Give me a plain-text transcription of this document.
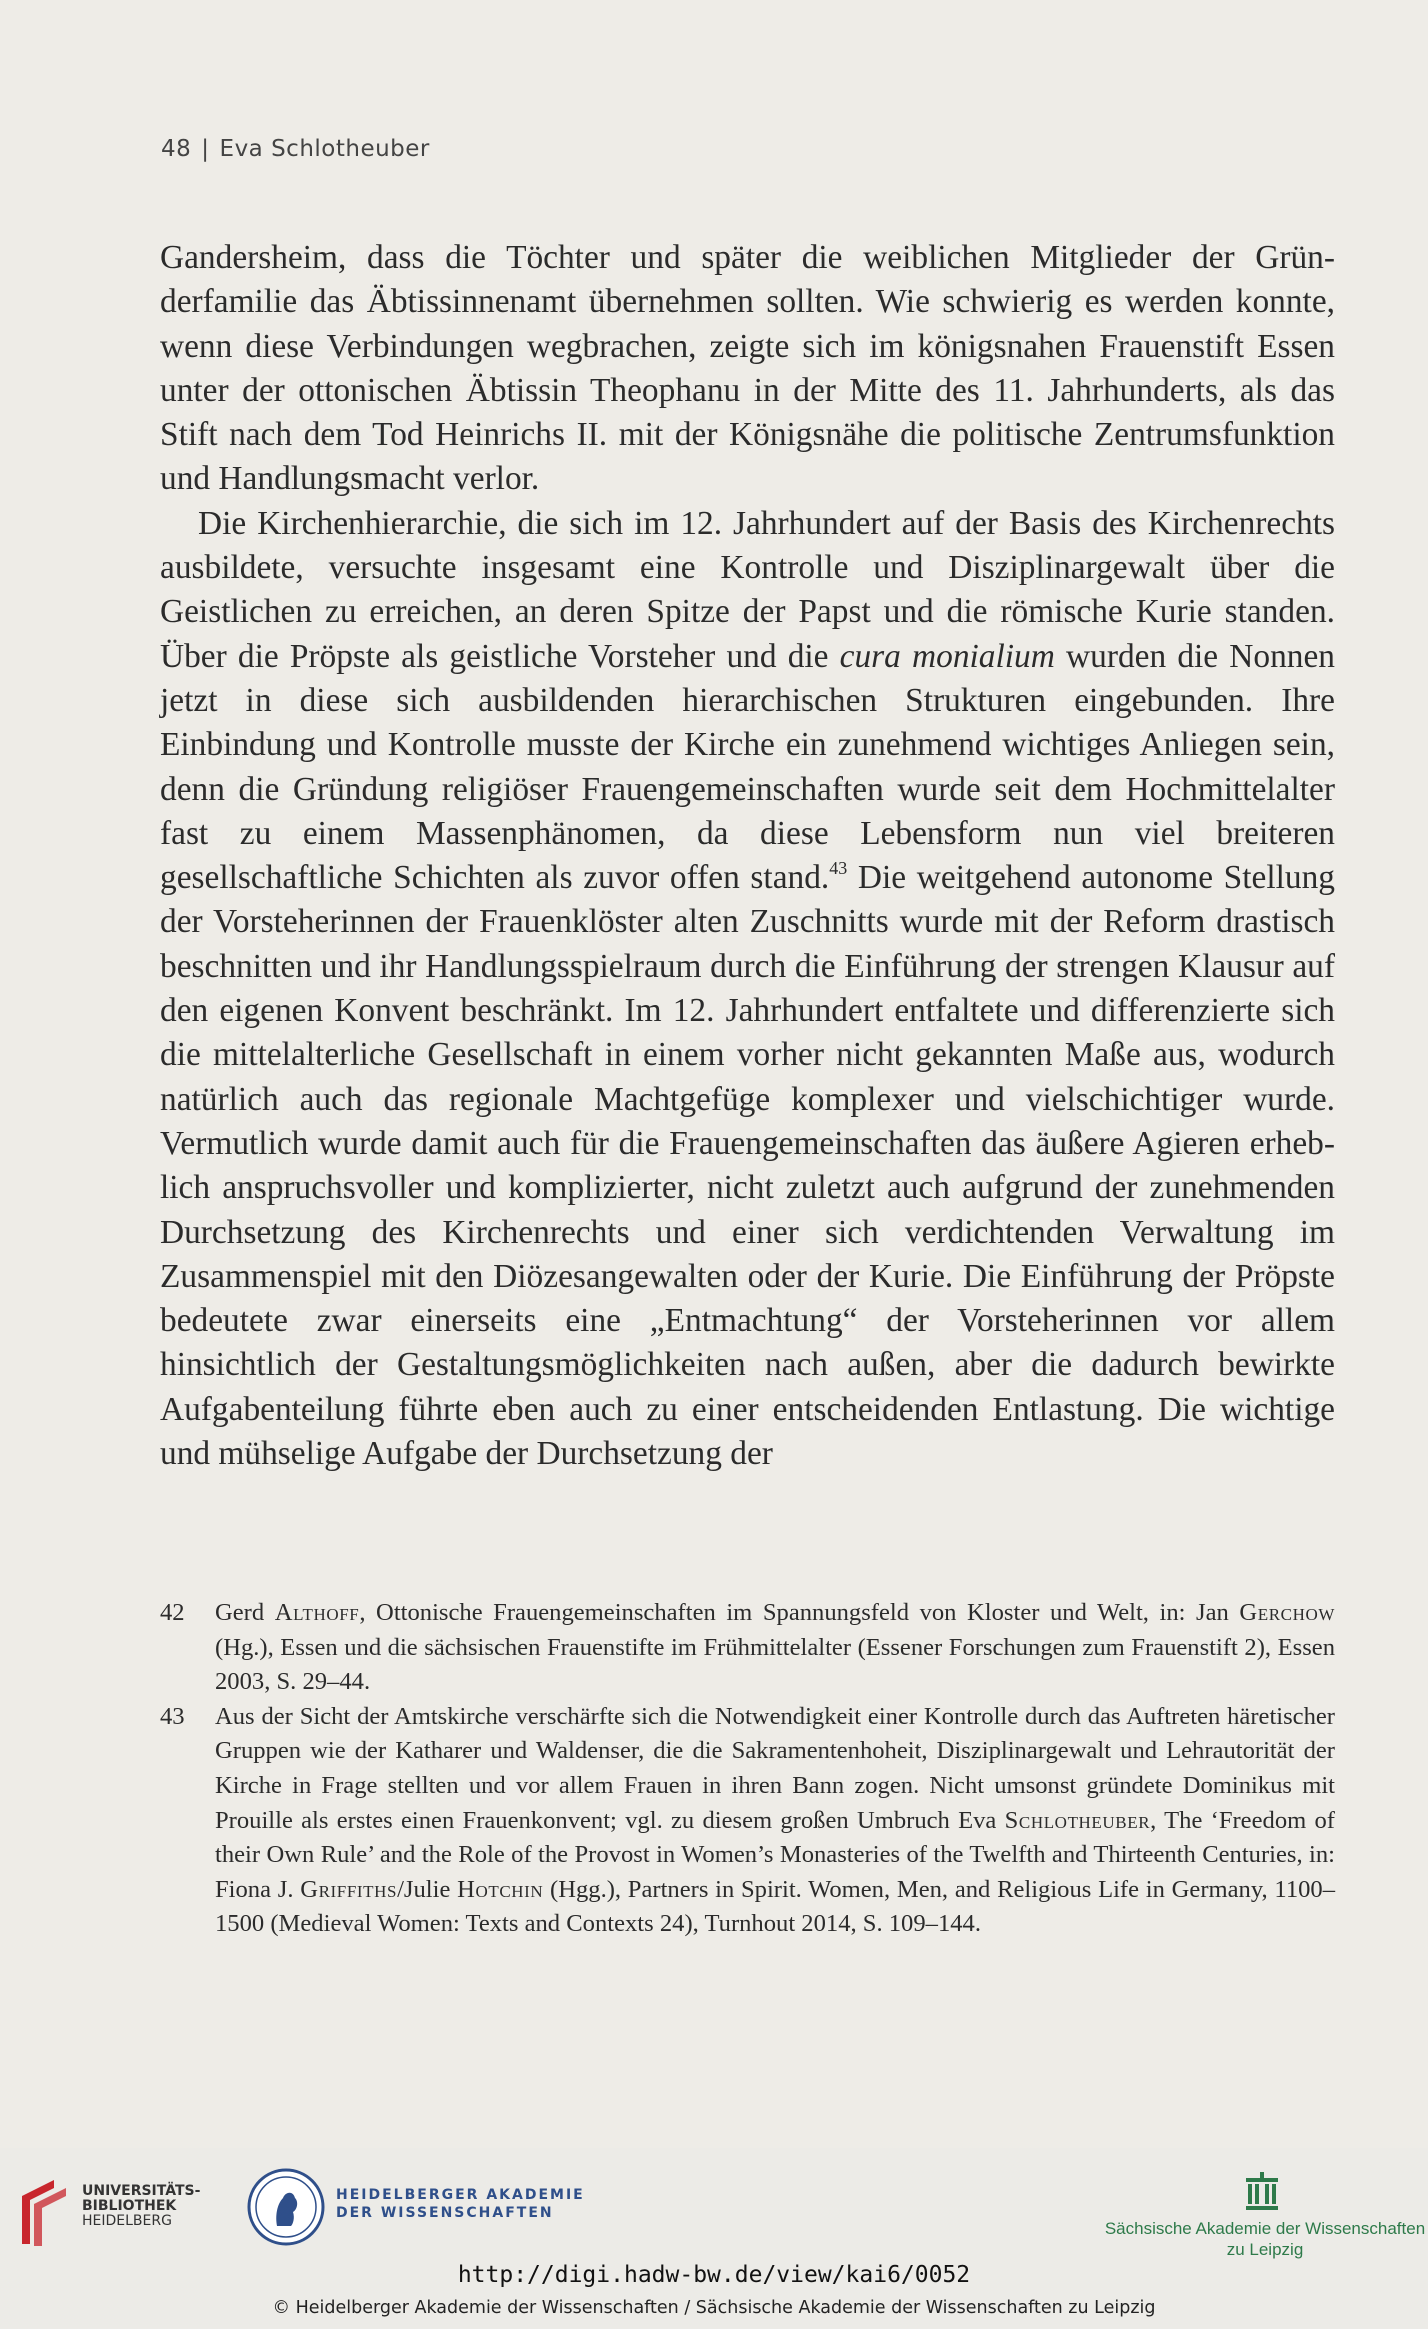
48 | Eva Schlotheuber

Gandersheim, dass die Töchter und später die weiblichen Mitglieder der Gründerfamilie das Äbtissinnenamt übernehmen sollten. Wie schwierig es werden konnte, wenn diese Verbindungen wegbrachen, zeigte sich im königsnahen Frauenstift Essen unter der ottonischen Äbtissin Theophanu in der Mitte des 11. Jahrhunderts, als das Stift nach dem Tod Heinrichs II. mit der Königsnähe die politische Zentrumsfunktion und Handlungsmacht verlor.

Die Kirchenhierarchie, die sich im 12. Jahrhundert auf der Basis des Kirchenrechts ausbildete, versuchte insgesamt eine Kontrolle und Disziplinargewalt über die Geistlichen zu erreichen, an deren Spitze der Papst und die römische Kurie standen. Über die Pröpste als geistliche Vorsteher und die cura monialium wurden die Nonnen jetzt in diese sich ausbildenden hierarchischen Strukturen eingebunden. Ihre Einbindung und Kontrolle musste der Kirche ein zunehmend wichtiges Anliegen sein, denn die Gründung religiöser Frauengemeinschaften wurde seit dem Hochmittelalter fast zu einem Massenphänomen, da diese Lebensform nun viel breiteren gesellschaftliche Schichten als zuvor offen stand.$^{43}$ Die weitgehend autonome Stellung der Vorsteherinnen der Frauenklöster alten Zuschnitts wurde mit der Reform drastisch beschnitten und ihr Handlungsspielraum durch die Einführung der strengen Klausur auf den eigenen Konvent beschränkt. Im 12. Jahrhundert entfaltete und differenzierte sich die mittelalterliche Gesellschaft in einem vorher nicht gekannten Maße aus, wodurch natürlich auch das regionale Machtgefüge komplexer und vielschichtiger wurde. Vermutlich wurde damit auch für die Frauengemeinschaften das äußere Agieren erheblich anspruchsvoller und komplizierter, nicht zuletzt auch aufgrund der zunehmenden Durchsetzung des Kirchenrechts und einer sich verdichtenden Verwaltung im Zusammenspiel mit den Diözesangewalten oder der Kurie. Die Einführung der Pröpste bedeutete zwar einerseits eine „Entmachtung“ der Vorsteherinnen vor allem hinsichtlich der Gestaltungsmöglichkeiten nach außen, aber die dadurch bewirkte Aufgabenteilung führte eben auch zu einer entscheidenden Entlastung. Die wichtige und mühselige Aufgabe der Durchsetzung der

42 Gerd Althoff, Ottonische Frauengemeinschaften im Spannungsfeld von Kloster und Welt, in: Jan Gerchow (Hg.), Essen und die sächsischen Frauenstifte im Frühmittelalter (Essener Forschungen zum Frauenstift 2), Essen 2003, S. 29–44.
43 Aus der Sicht der Amtskirche verschärfte sich die Notwendigkeit einer Kontrolle durch das Auftreten häretischer Gruppen wie der Katharer und Waldenser, die die Sakramentenhoheit, Disziplinargewalt und Lehrautorität der Kirche in Frage stellten und vor allem Frauen in ihren Bann zogen. Nicht umsonst gründete Dominikus mit Prouille als erstes einen Frauenkonvent; vgl. zu diesem großen Umbruch Eva Schlotheuber, The ‘Freedom of their Own Rule’ and the Role of the Provost in Women’s Monasteries of the Twelfth and Thirteenth Centuries, in: Fiona J. Griffiths/Julie Hotchin (Hgg.), Partners in Spirit. Women, Men, and Religious Life in Germany, 1100–1500 (Medieval Women: Texts and Contexts 24), Turnhout 2014, S. 109–144.
UNIVERSITÄTS-
BIBLIOTHEK
HEIDELBERG
HEIDELBERGER AKADEMIE
DER WISSENSCHAFTEN
Sächsische Akademie der Wissenschaften
zu Leipzig
http://digi.hadw-bw.de/view/kai6/0052
© Heidelberger Akademie der Wissenschaften / Sächsische Akademie der Wissenschaften zu Leipzig
